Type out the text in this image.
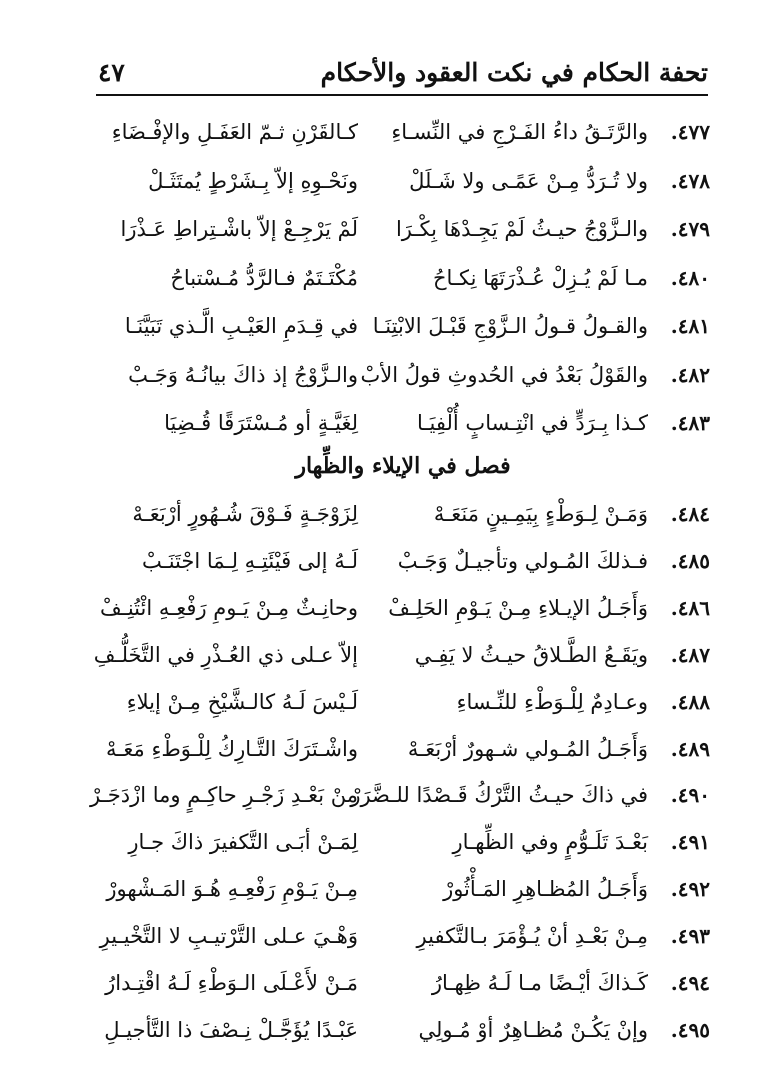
تحفة الحكام في نكت العقود والأحكام
٤٧
٤٧٧.
والرَّتَـقُ داءُ الفَـرْجِ في النِّسـاءِ
كـالقَرْنِ ثـمّ العَفَـلِ والإفْـضَاءِ
٤٧٨.
ولا تُـرَدُّ مِـنْ عَمًـى ولا شَـلَلْ
ونَحْـوِهِ إلاّ بِـشَرْطٍ يُمتَثَـلْ
٤٧٩.
والـزَّوْجُ حيـثُ لَمْ يَجِـدْهَا بِكْـرَا
لَمْ يَرْجِـعْ إلاّ باشْـتِراطِ عَـذْرَا
٤٨٠.
مـا لَمْ يُـزِلْ عُـذْرَتَهَا نِكـاحُ
مُكْتَـتَمٌ فـالرَّدُّ مُـسْتباحُ
٤٨١.
والقـولُ قـولُ الـزَّوْجِ قَبْـلَ الابْتِنَـا
في قِـدَمِ العَيْـبِ الَّـذي تَبَيَّنَـا
٤٨٢.
والقَوْلُ بَعْدُ في الحُدوثِ قولُ الأبْ
والـزَّوْجُ إذ ذاكَ بيانُـهُ وَجَـبْ
٤٨٣.
كـذا بِـرَدٍّ في انْتِـسابٍ أُلْفِيَـا
لِغَيَّـةٍ أو مُـسْتَرَقًا قُـضِيَا
فصل في الإيلاء والظِّهار
٤٨٤.
وَمَـنْ لِـوَطْءٍ بِيَمِـينٍ مَنَعَـهْ
لِزَوْجَـةٍ فَـوْقَ شُـهُورٍ أرْبَعَـهْ
٤٨٥.
فـذلكَ المُـولي وتأجيـلٌ وَجَـبْ
لَـهُ إلى فَيْئَتِـهِ لِـمَا اجْتَنَـبْ
٤٨٦.
وَأَجَـلُ الإيـلاءِ مِـنْ يَـوْمِ الحَلِـفْ
وحانِـثٌ مِـنْ يَـومِ رَفْعِـهِ ائْتُنِـفْ
٤٨٧.
ويَقَـعُ الطَّـلاقُ حيـثُ لا يَفِـي
إلاّ عـلى ذي العُـذْرِ في التَّخَلُّـفِ
٤٨٨.
وعـادِمٌ لِلْـوَطْءِ للنِّـساءِ
لَـيْسَ لَـهُ كالـشَّيْخِ مِـنْ إيلاءِ
٤٨٩.
وَأَجَـلُ المُـولي شـهورٌ أرْبَعَـهْ
واشْـتَرَكَ التَّـارِكُ لِلْـوَطْءِ مَعَـهْ
٤٩٠.
في ذاكَ حيـثُ التَّرْكُ قَـصْدًا للـضَّرَرْ
مِنْ بَعْـدِ زَجْـرِ حاكِـمٍ وما ازْدَجَـرْ
٤٩١.
بَعْـدَ تَلَـوُّمٍ وفي الظِّهـارِ
لِمَـنْ أبَـى التَّكفيرَ ذاكَ جـارِ
٤٩٢.
وَأَجَـلُ المُظـاهِرِ المَـأْثُورْ
مِـنْ يَـوْمِ رَفْعِـهِ هُـوَ المَـشْهورْ
٤٩٣.
مِـنْ بَعْـدِ أنْ يُـؤْمَرَ بـالتَّكفيرِ
وَهْـيَ عـلى التَّرْتيـبِ لا التَّخْيـيرِ
٤٩٤.
كَـذاكَ أيْـضًا مـا لَـهُ ظِهـارُ
مَـنْ لأَعْـلَى الـوَطْءِ لَـهُ اقْتِـدارُ
٤٩٥.
وإنْ يَكُـنْ مُظـاهِرٌ أوْ مُـولِي
عَبْـدًا يُؤَجَّـلْ نِـصْفَ ذا التَّأجيـلِ
